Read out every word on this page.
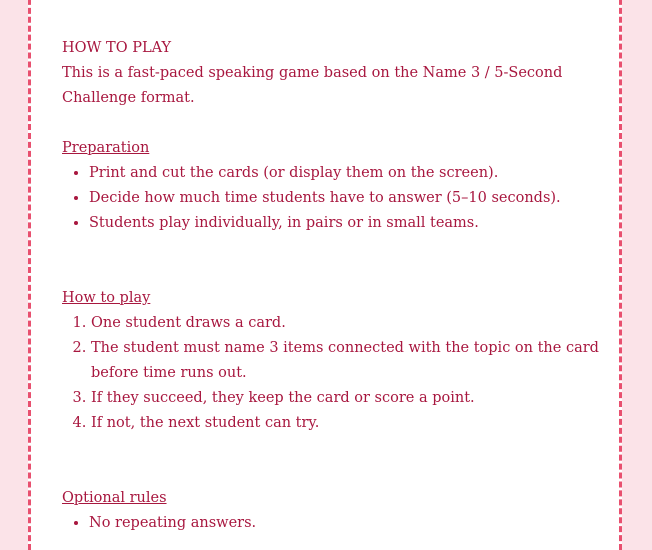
HOW TO PLAY

This is a fast-paced speaking game based on the Name 3 / 5-Second Challenge format.

Preparation

• Print and cut the cards (or display them on the screen).
• Decide how much time students have to answer (5–10 seconds).
• Students play individually, in pairs or in small teams.

How to play

1. One student draws a card.
2. The student must name 3 items connected with the topic on the card before time runs out.
3. If they succeed, they keep the card or score a point.
4. If not, the next student can try.

Optional rules

• No repeating answers.
